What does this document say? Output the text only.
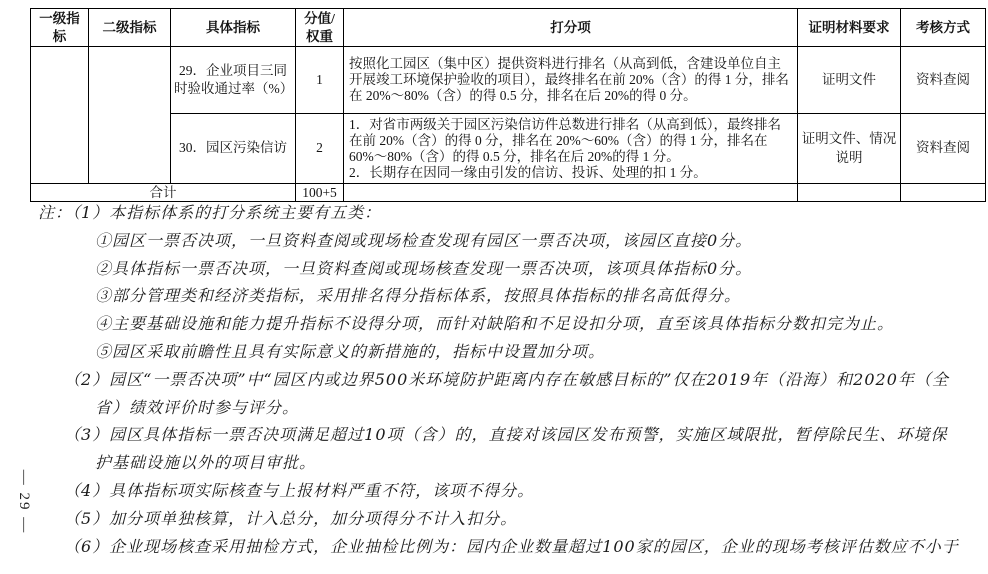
— 29 —
一级指标	二级指标	具体指标	分值/权重	打分项	证明材料要求	考核方式
		29．企业项目三同时验收通过率（%）	1	按照化工园区（集中区）提供资料进行排名（从高到低，含建设单位自主开展竣工环境保护验收的项目），最终排名在前 20%（含）的得 1 分，排名在 20%～80%（含）的得 0.5 分，排名在后 20%的得 0 分。	证明文件	资料查阅
		30．园区污染信访	2	1．对省市两级关于园区污染信访件总数进行排名（从高到低），最终排名在前 20%（含）的得 0 分，排名在 20%～60%（含）的得 1 分，排名在 60%～80%（含）的得 0.5 分，排名在后 20%的得 1 分。
2．长期存在因同一缘由引发的信访、投诉、处理的扣 1 分。	证明文件、情况说明	资料查阅
合计			100+5			
注：（1）本指标体系的打分系统主要有五类：
①园区一票否决项，一旦资料查阅或现场检查发现有园区一票否决项，该园区直接0分。
②具体指标一票否决项，一旦资料查阅或现场核查发现一票否决项，该项具体指标0分。
③部分管理类和经济类指标，采用排名得分指标体系，按照具体指标的排名高低得分。
④主要基础设施和能力提升指标不设得分项，而针对缺陷和不足设扣分项，直至该具体指标分数扣完为止。
⑤园区采取前瞻性且具有实际意义的新措施的，指标中设置加分项。
（2）园区“一票否决项”中“园区内或边界500米环境防护距离内存在敏感目标的”仅在2019年（沿海）和2020年（全
省）绩效评价时参与评分。
（3）园区具体指标一票否决项满足超过10项（含）的，直接对该园区发布预警，实施区域限批，暂停除民生、环境保
护基础设施以外的项目审批。
（4）具体指标项实际核查与上报材料严重不符，该项不得分。
（5）加分项单独核算，计入总分，加分项得分不计入扣分。
（6）企业现场核查采用抽检方式，企业抽检比例为：园内企业数量超过100家的园区，企业的现场考核评估数应不小于
